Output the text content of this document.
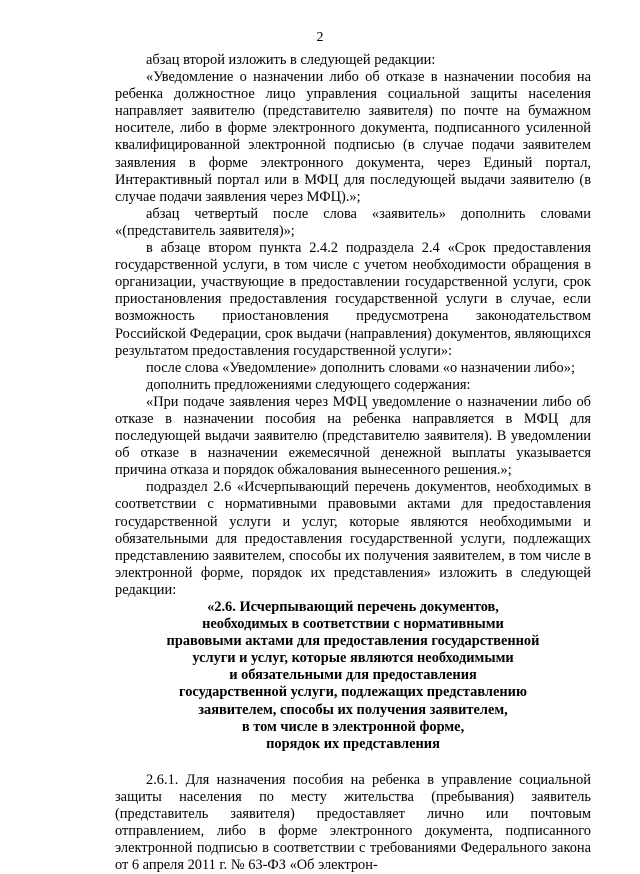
2

абзац второй изложить в следующей редакции:

«Уведомление о назначении либо об отказе в назначении пособия на ребенка должностное лицо управления социальной защиты населения направляет заявителю (представителю заявителя) по почте на бумажном носителе, либо в форме электронного документа, подписанного усиленной квалифицированной электронной подписью (в случае подачи заявителем заявления в форме электронного документа, через Единый портал, Интерактивный портал или в МФЦ для последующей выдачи заявителю (в случае подачи заявления через МФЦ).»;

абзац четвертый после слова «заявитель» дополнить словами «(представитель заявителя)»;

в абзаце втором пункта 2.4.2 подраздела 2.4 «Срок предоставления государственной услуги, в том числе с учетом необходимости обращения в организации, участвующие в предоставлении государственной услуги, срок приостановления предоставления государственной услуги в случае, если возможность приостановления предусмотрена законодательством Российской Федерации, срок выдачи (направления) документов, являющихся результатом предоставления государственной услуги»:

после слова «Уведомление» дополнить словами «о назначении либо»;

дополнить предложениями следующего содержания:

«При подаче заявления через МФЦ уведомление о назначении либо об отказе в назначении пособия на ребенка направляется в МФЦ для последующей выдачи заявителю (представителю заявителя). В уведомлении об отказе в назначении ежемесячной денежной выплаты указывается причина отказа и порядок обжалования вынесенного решения.»;

подраздел 2.6 «Исчерпывающий перечень документов, необходимых в соответствии с нормативными правовыми актами для предоставления государственной услуги и услуг, которые являются необходимыми и обязательными для предоставления государственной услуги, подлежащих представлению заявителем, способы их получения заявителем, в том числе в электронной форме, порядок их представления» изложить в следующей редакции:

«2.6. Исчерпывающий перечень документов,
необходимых в соответствии с нормативными
правовыми актами для предоставления государственной
услуги и услуг, которые являются необходимыми
и обязательными для предоставления
государственной услуги, подлежащих представлению
заявителем, способы их получения заявителем,
в том числе в электронной форме,
порядок их представления

2.6.1. Для назначения пособия на ребенка в управление социальной защиты населения по месту жительства (пребывания) заявитель (представитель заявителя) предоставляет лично или почтовым отправлением, либо в форме электронного документа, подписанного электронной подписью в соответствии с требованиями Федерального закона от 6 апреля 2011 г. № 63-ФЗ «Об электрон-
